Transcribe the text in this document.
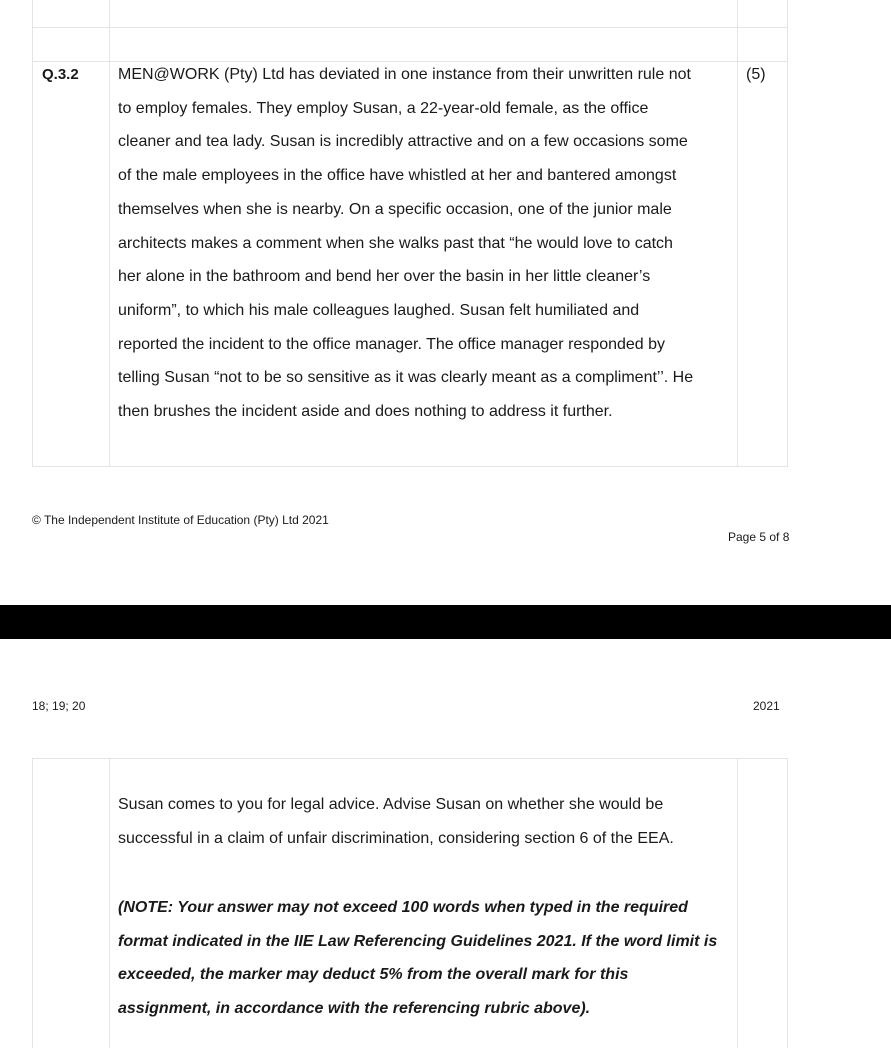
Q.3.2	(5)
MEN@WORK (Pty) Ltd has deviated in one instance from their unwritten rule not
to employ females. They employ Susan, a 22-year-old female, as the office
cleaner and tea lady. Susan is incredibly attractive and on a few occasions some
of the male employees in the office have whistled at her and bantered amongst
themselves when she is nearby. On a specific occasion, one of the junior male
architects makes a comment when she walks past that “he would love to catch
her alone in the bathroom and bend her over the basin in her little cleaner’s
uniform”, to which his male colleagues laughed. Susan felt humiliated and
reported the incident to the office manager. The office manager responded by
telling Susan “not to be so sensitive as it was clearly meant as a compliment’’. He
then brushes the incident aside and does nothing to address it further.
© The Independent Institute of Education (Pty) Ltd 2021
Page 5 of 8
18; 19; 20	2021
Susan comes to you for legal advice. Advise Susan on whether she would be
successful in a claim of unfair discrimination, considering section 6 of the EEA.
(NOTE: Your answer may not exceed 100 words when typed in the required
format indicated in the IIE Law Referencing Guidelines 2021. If the word limit is
exceeded, the marker may deduct 5% from the overall mark for this
assignment, in accordance with the referencing rubric above).
